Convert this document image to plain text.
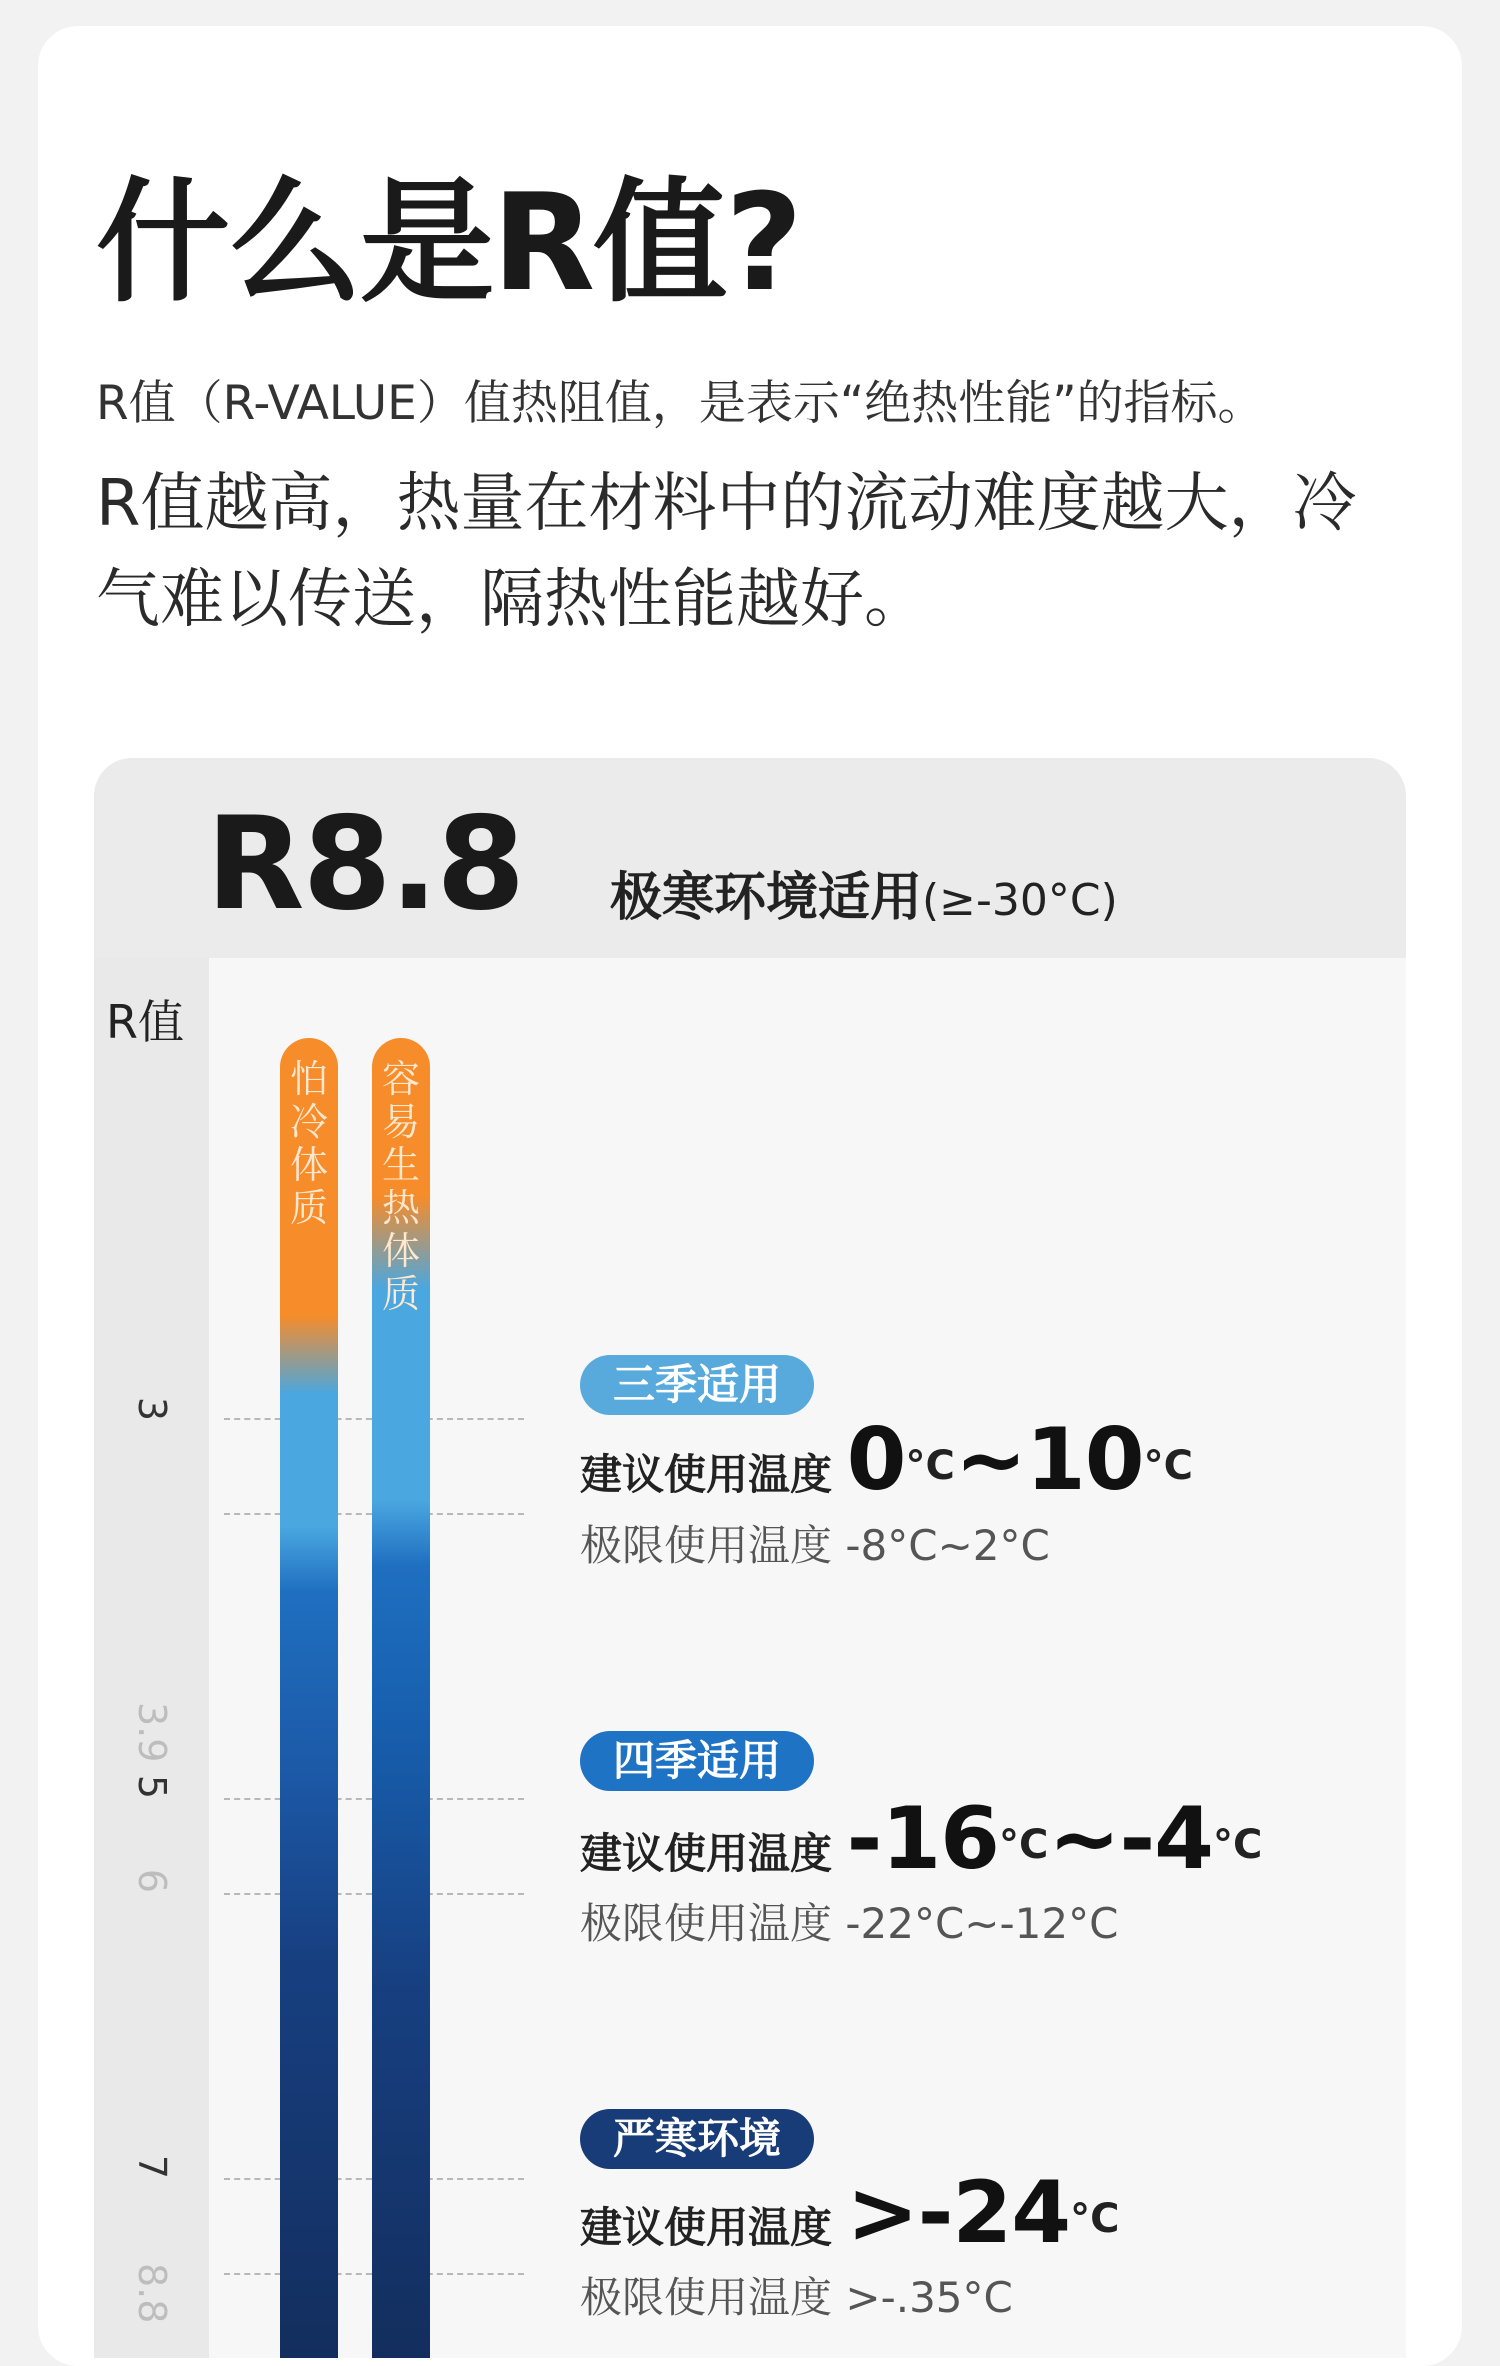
什么是R值?
R值（R-VALUE）值热阻值，是表示“绝热性能”的指标。
R值越高，热量在材料中的流动难度越大，冷气难以传送，隔热性能越好。
R8.8 极寒环境适用(≥-30°C)
R值
3
3.9
5
6
7
8.8
怕
冷
体
质
容
易
生
热
体
质
三季适用
建议使用温度 0°C~10°C
极限使用温度 -8°C~2°C
四季适用
建议使用温度 -16°C~-4°C
极限使用温度 -22°C~-12°C
严寒环境
建议使用温度 >-24°C
极限使用温度 >-.35°C
